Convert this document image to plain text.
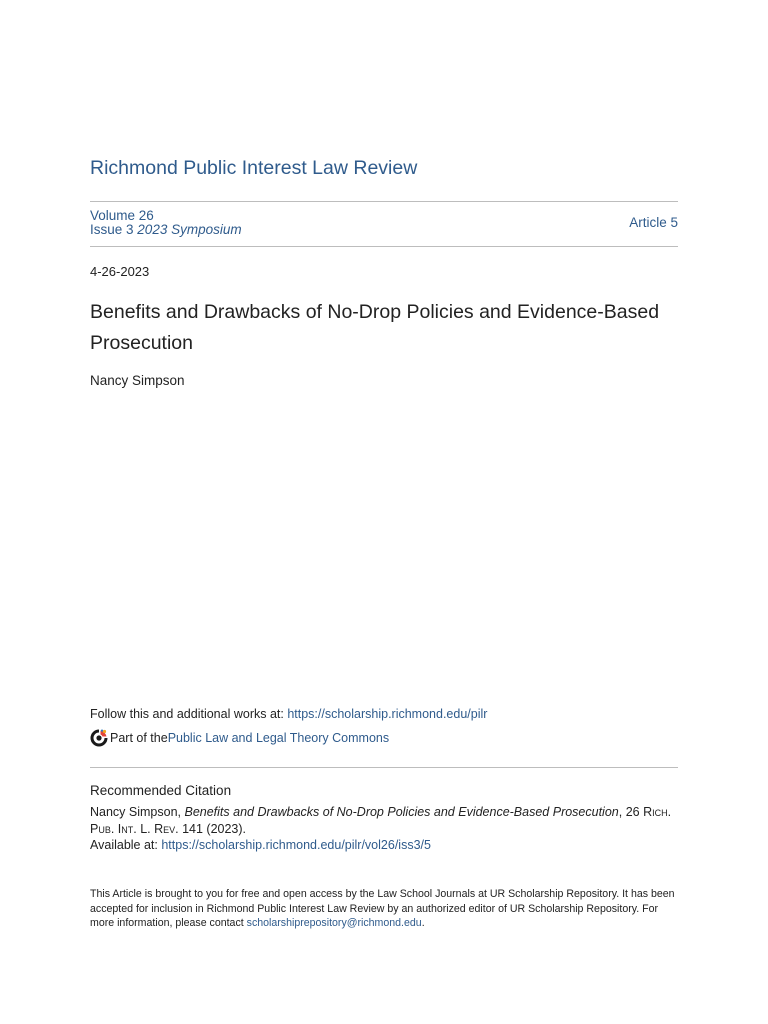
Richmond Public Interest Law Review
Volume 26
Issue 3 2023 Symposium	Article 5
4-26-2023
Benefits and Drawbacks of No-Drop Policies and Evidence-Based Prosecution
Nancy Simpson
Follow this and additional works at: https://scholarship.richmond.edu/pilr
Part of the Public Law and Legal Theory Commons
Recommended Citation
Nancy Simpson, Benefits and Drawbacks of No-Drop Policies and Evidence-Based Prosecution, 26 Rich. Pub. Int. L. Rev. 141 (2023).
Available at: https://scholarship.richmond.edu/pilr/vol26/iss3/5
This Article is brought to you for free and open access by the Law School Journals at UR Scholarship Repository. It has been accepted for inclusion in Richmond Public Interest Law Review by an authorized editor of UR Scholarship Repository. For more information, please contact scholarshiprepository@richmond.edu.
